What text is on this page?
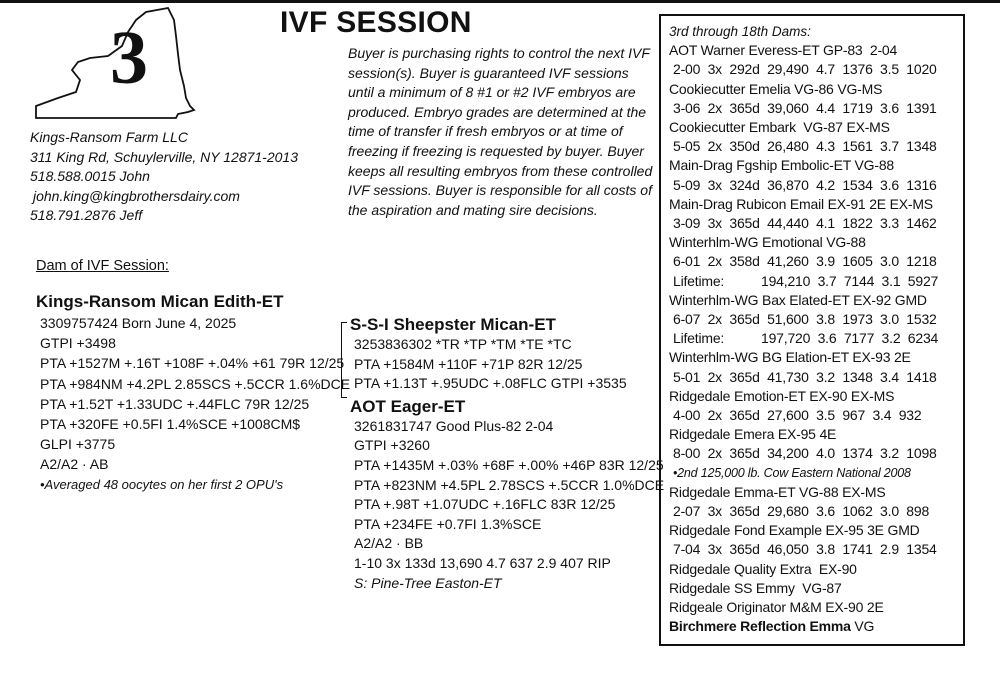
3	IVF SESSION
Kings-Ransom Farm LLC
311 King Rd, Schuylerville, NY 12871-2013
518.588.0015 John
john.king@kingbrothersdairy.com
518.791.2876 Jeff
Buyer is purchasing rights to control the next IVF
session(s). Buyer is guaranteed IVF sessions
until a minimum of 8 #1 or #2 IVF embryos are
produced. Embryo grades are determined at the
time of transfer if fresh embryos or at time of
freezing if freezing is requested by buyer. Buyer
keeps all resulting embryos from these controlled
IVF sessions. Buyer is responsible for all costs of
the aspiration and mating sire decisions.
Dam of IVF Session:
Kings-Ransom Mican Edith-ET
3309757424 Born June 4, 2025
GTPI +3498
PTA +1527M +.16T +108F +.04% +61 79R 12/25
PTA +984NM +4.2PL 2.85SCS +.5CCR 1.6%DCE
PTA +1.52T +1.33UDC +.44FLC 79R 12/25
PTA +320FE +0.5FI 1.4%SCE +1008CM$
GLPI +3775
A2/A2 · AB
•Averaged 48 oocytes on her first 2 OPU's
S-S-I Sheepster Mican-ET
3253836302 *TR *TP *TM *TE *TC
PTA +1584M +110F +71P 82R 12/25
PTA +1.13T +.95UDC +.08FLC GTPI +3535
AOT Eager-ET
3261831747 Good Plus-82 2-04
GTPI +3260
PTA +1435M +.03% +68F +.00% +46P 83R 12/25
PTA +823NM +4.5PL 2.78SCS +.5CCR 1.0%DCE
PTA +.98T +1.07UDC +.16FLC 83R 12/25
PTA +234FE +0.7FI 1.3%SCE
A2/A2 · BB
1-10 3x 133d 13,690 4.7 637 2.9 407 RIP
S: Pine-Tree Easton-ET
3rd through 18th Dams:
AOT Warner Everess-ET GP-83  2-04
2-00  3x  292d  29,490  4.7  1376  3.5  1020
Cookiecutter Emelia VG-86 VG-MS
3-06  2x  365d  39,060  4.4  1719  3.6  1391
Cookiecutter Embark  VG-87 EX-MS
5-05  2x  350d  26,480  4.3  1561  3.7  1348
Main-Drag Fgship Embolic-ET VG-88
5-09  3x  324d  36,870  4.2  1534  3.6  1316
Main-Drag Rubicon Email EX-91 2E EX-MS
3-09  3x  365d  44,440  4.1  1822  3.3  1462
Winterhlm-WG Emotional VG-88
6-01  2x  358d  41,260  3.9  1605  3.0  1218
Lifetime:          194,210  3.7  7144  3.1  5927
Winterhlm-WG Bax Elated-ET EX-92 GMD
6-07  2x  365d  51,600  3.8  1973  3.0  1532
Lifetime:          197,720  3.6  7177  3.2  6234
Winterhlm-WG BG Elation-ET EX-93 2E
5-01  2x  365d  41,730  3.2  1348  3.4  1418
Ridgedale Emotion-ET EX-90 EX-MS
4-00  2x  365d  27,600  3.5  967  3.4  932
Ridgedale Emera EX-95 4E
8-00  2x  365d  34,200  4.0  1374  3.2  1098
•2nd 125,000 lb. Cow Eastern National 2008
Ridgedale Emma-ET VG-88 EX-MS
2-07  3x  365d  29,680  3.6  1062  3.0  898
Ridgedale Fond Example EX-95 3E GMD
7-04  3x  365d  46,050  3.8  1741  2.9  1354
Ridgedale Quality Extra  EX-90
Ridgedale SS Emmy  VG-87
Ridgeale Originator M&M EX-90 2E
Birchmere Reflection Emma VG
